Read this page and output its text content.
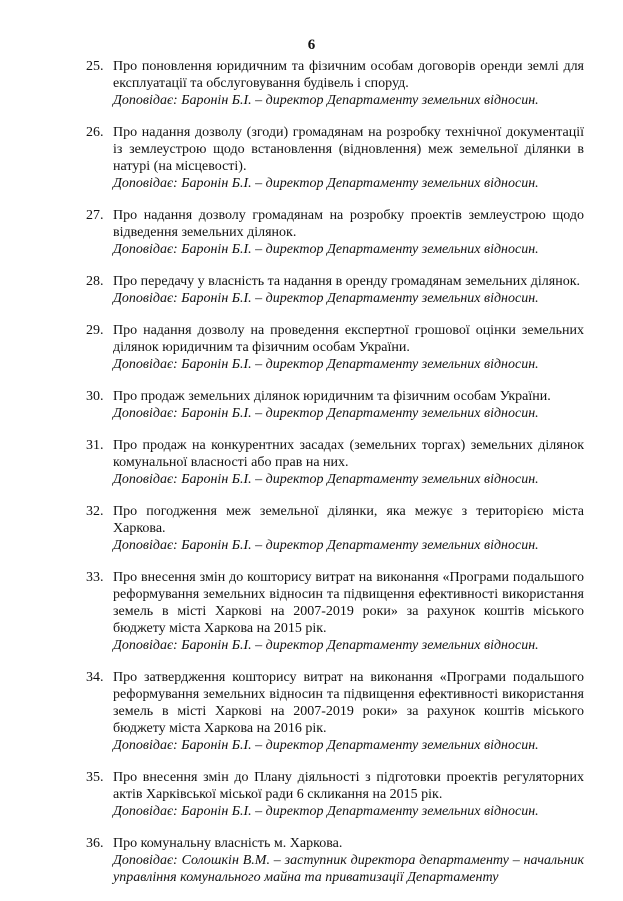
6
25. Про поновлення юридичним та фізичним особам договорів оренди землі для експлуатації та обслуговування будівель і споруд.

Доповідає: Баронін Б.І. – директор Департаменту земельних відносин.

26. Про надання дозволу (згоди) громадянам на розробку технічної документації із землеустрою щодо встановлення (відновлення) меж земельної ділянки в натурі (на місцевості).

Доповідає: Баронін Б.І. – директор Департаменту земельних відносин.

27. Про надання дозволу громадянам на розробку проектів землеустрою щодо відведення земельних ділянок.

Доповідає: Баронін Б.І. – директор Департаменту земельних відносин.

28. Про передачу у власність та надання в оренду громадянам земельних ділянок.

Доповідає: Баронін Б.І. – директор Департаменту земельних відносин.

29. Про надання дозволу на проведення експертної грошової оцінки земельних ділянок юридичним та фізичним особам України.

Доповідає: Баронін Б.І. – директор Департаменту земельних відносин.

30. Про продаж земельних ділянок юридичним та фізичним особам України.

Доповідає: Баронін Б.І. – директор Департаменту земельних відносин.

31. Про продаж на конкурентних засадах (земельних торгах) земельних ділянок комунальної власності або прав на них.

Доповідає: Баронін Б.І. – директор Департаменту земельних відносин.

32. Про погодження меж земельної ділянки, яка межує з територією міста Харкова.

Доповідає: Баронін Б.І. – директор Департаменту земельних відносин.

33. Про внесення змін до кошторису витрат на виконання «Програми подальшого реформування земельних відносин та підвищення ефективності використання земель в місті Харкові на 2007-2019 роки» за рахунок коштів міського бюджету міста Харкова на 2015 рік.

Доповідає: Баронін Б.І. – директор Департаменту земельних відносин.

34. Про затвердження кошторису витрат на виконання «Програми подальшого реформування земельних відносин та підвищення ефективності використання земель в місті Харкові на 2007-2019 роки» за рахунок коштів міського бюджету міста Харкова на 2016 рік.

Доповідає: Баронін Б.І. – директор Департаменту земельних відносин.

35. Про внесення змін до Плану діяльності з підготовки проектів регуляторних актів Харківської міської ради 6 скликання на 2015 рік.

Доповідає: Баронін Б.І. – директор Департаменту земельних відносин.

36. Про комунальну власність м. Харкова.

Доповідає: Солошкін В.М. – заступник директора департаменту – начальник управління комунального майна та приватизації Департаменту
